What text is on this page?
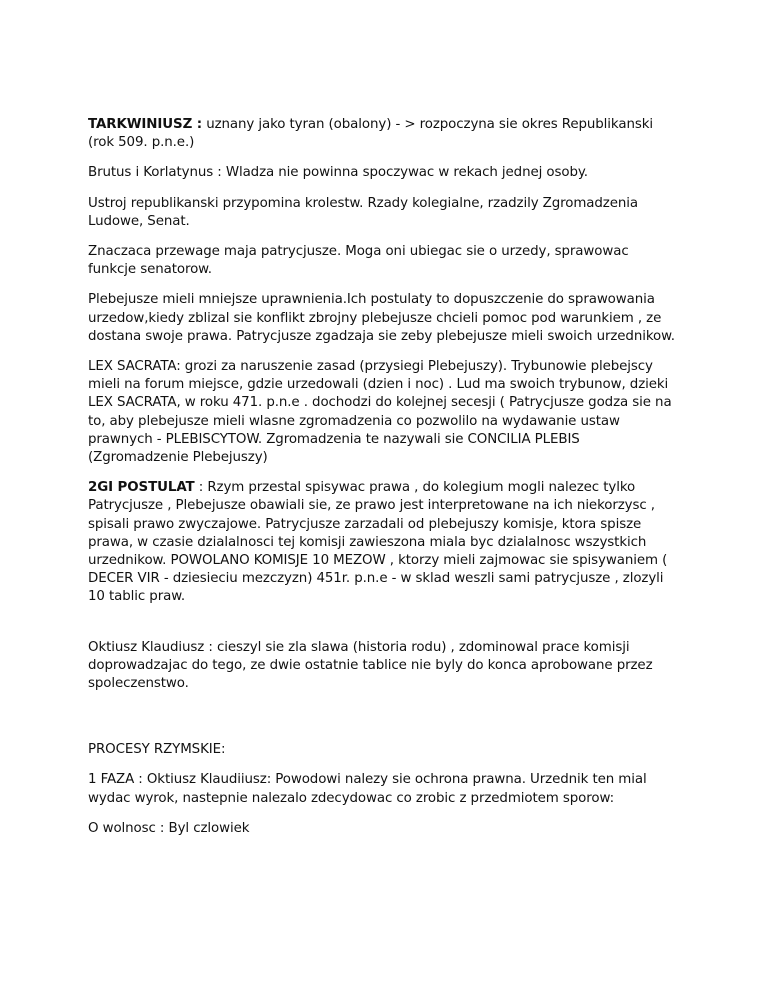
TARKWINIUSZ : uznany jako tyran (obalony) - > rozpoczyna sie okres Republikanski (rok 509. p.n.e.)

Brutus i Korlatynus : Wladza nie powinna spoczywac w rekach jednej osoby.

Ustroj republikanski przypomina krolestw. Rzady kolegialne, rzadzily Zgromadzenia Ludowe, Senat.

Znaczaca przewage maja patrycjusze. Moga oni ubiegac sie o urzedy, sprawowac funkcje senatorow.

Plebejusze mieli mniejsze uprawnienia.Ich postulaty to dopuszczenie do sprawowania urzedow,kiedy zblizal sie konflikt zbrojny plebejusze chcieli pomoc pod warunkiem , ze dostana swoje prawa. Patrycjusze zgadzaja sie zeby plebejusze mieli swoich urzednikow.

LEX SACRATA: grozi za naruszenie zasad (przysiegi Plebejuszy). Trybunowie plebejscy mieli na forum miejsce, gdzie urzedowali (dzien i noc) . Lud ma swoich trybunow, dzieki LEX SACRATA, w roku 471. p.n.e . dochodzi do kolejnej secesji ( Patrycjusze godza sie na to, aby plebejusze mieli wlasne zgromadzenia co pozwolilo na wydawanie ustaw prawnych - PLEBISCYTOW. Zgromadzenia te nazywali sie CONCILIA PLEBIS (Zgromadzenie Plebejuszy)

2GI POSTULAT : Rzym przestal spisywac prawa , do kolegium mogli nalezec tylko Patrycjusze , Plebejusze obawiali sie, ze prawo jest interpretowane na ich niekorzysc , spisali prawo zwyczajowe. Patrycjusze zarzadali od plebejuszy komisje, ktora spisze prawa, w czasie dzialalnosci tej komisji zawieszona miala byc dzialalnosc wszystkich urzednikow. POWOLANO KOMISJE 10 MEZOW , ktorzy mieli zajmowac sie spisywaniem ( DECER VIR - dziesieciu mezczyzn) 451r. p.n.e - w sklad weszli sami patrycjusze , zlozyli 10 tablic praw.

Oktiusz Klaudiusz : cieszyl sie zla slawa (historia rodu) , zdominowal prace komisji doprowadzajac do tego, ze dwie ostatnie tablice nie byly do konca aprobowane przez spoleczenstwo.

PROCESY RZYMSKIE:

1 FAZA : Oktiusz Klaudiiusz: Powodowi nalezy sie ochrona prawna. Urzednik ten mial wydac wyrok, nastepnie nalezalo zdecydowac co zrobic z przedmiotem sporow:

O wolnosc : Byl czlowiek
